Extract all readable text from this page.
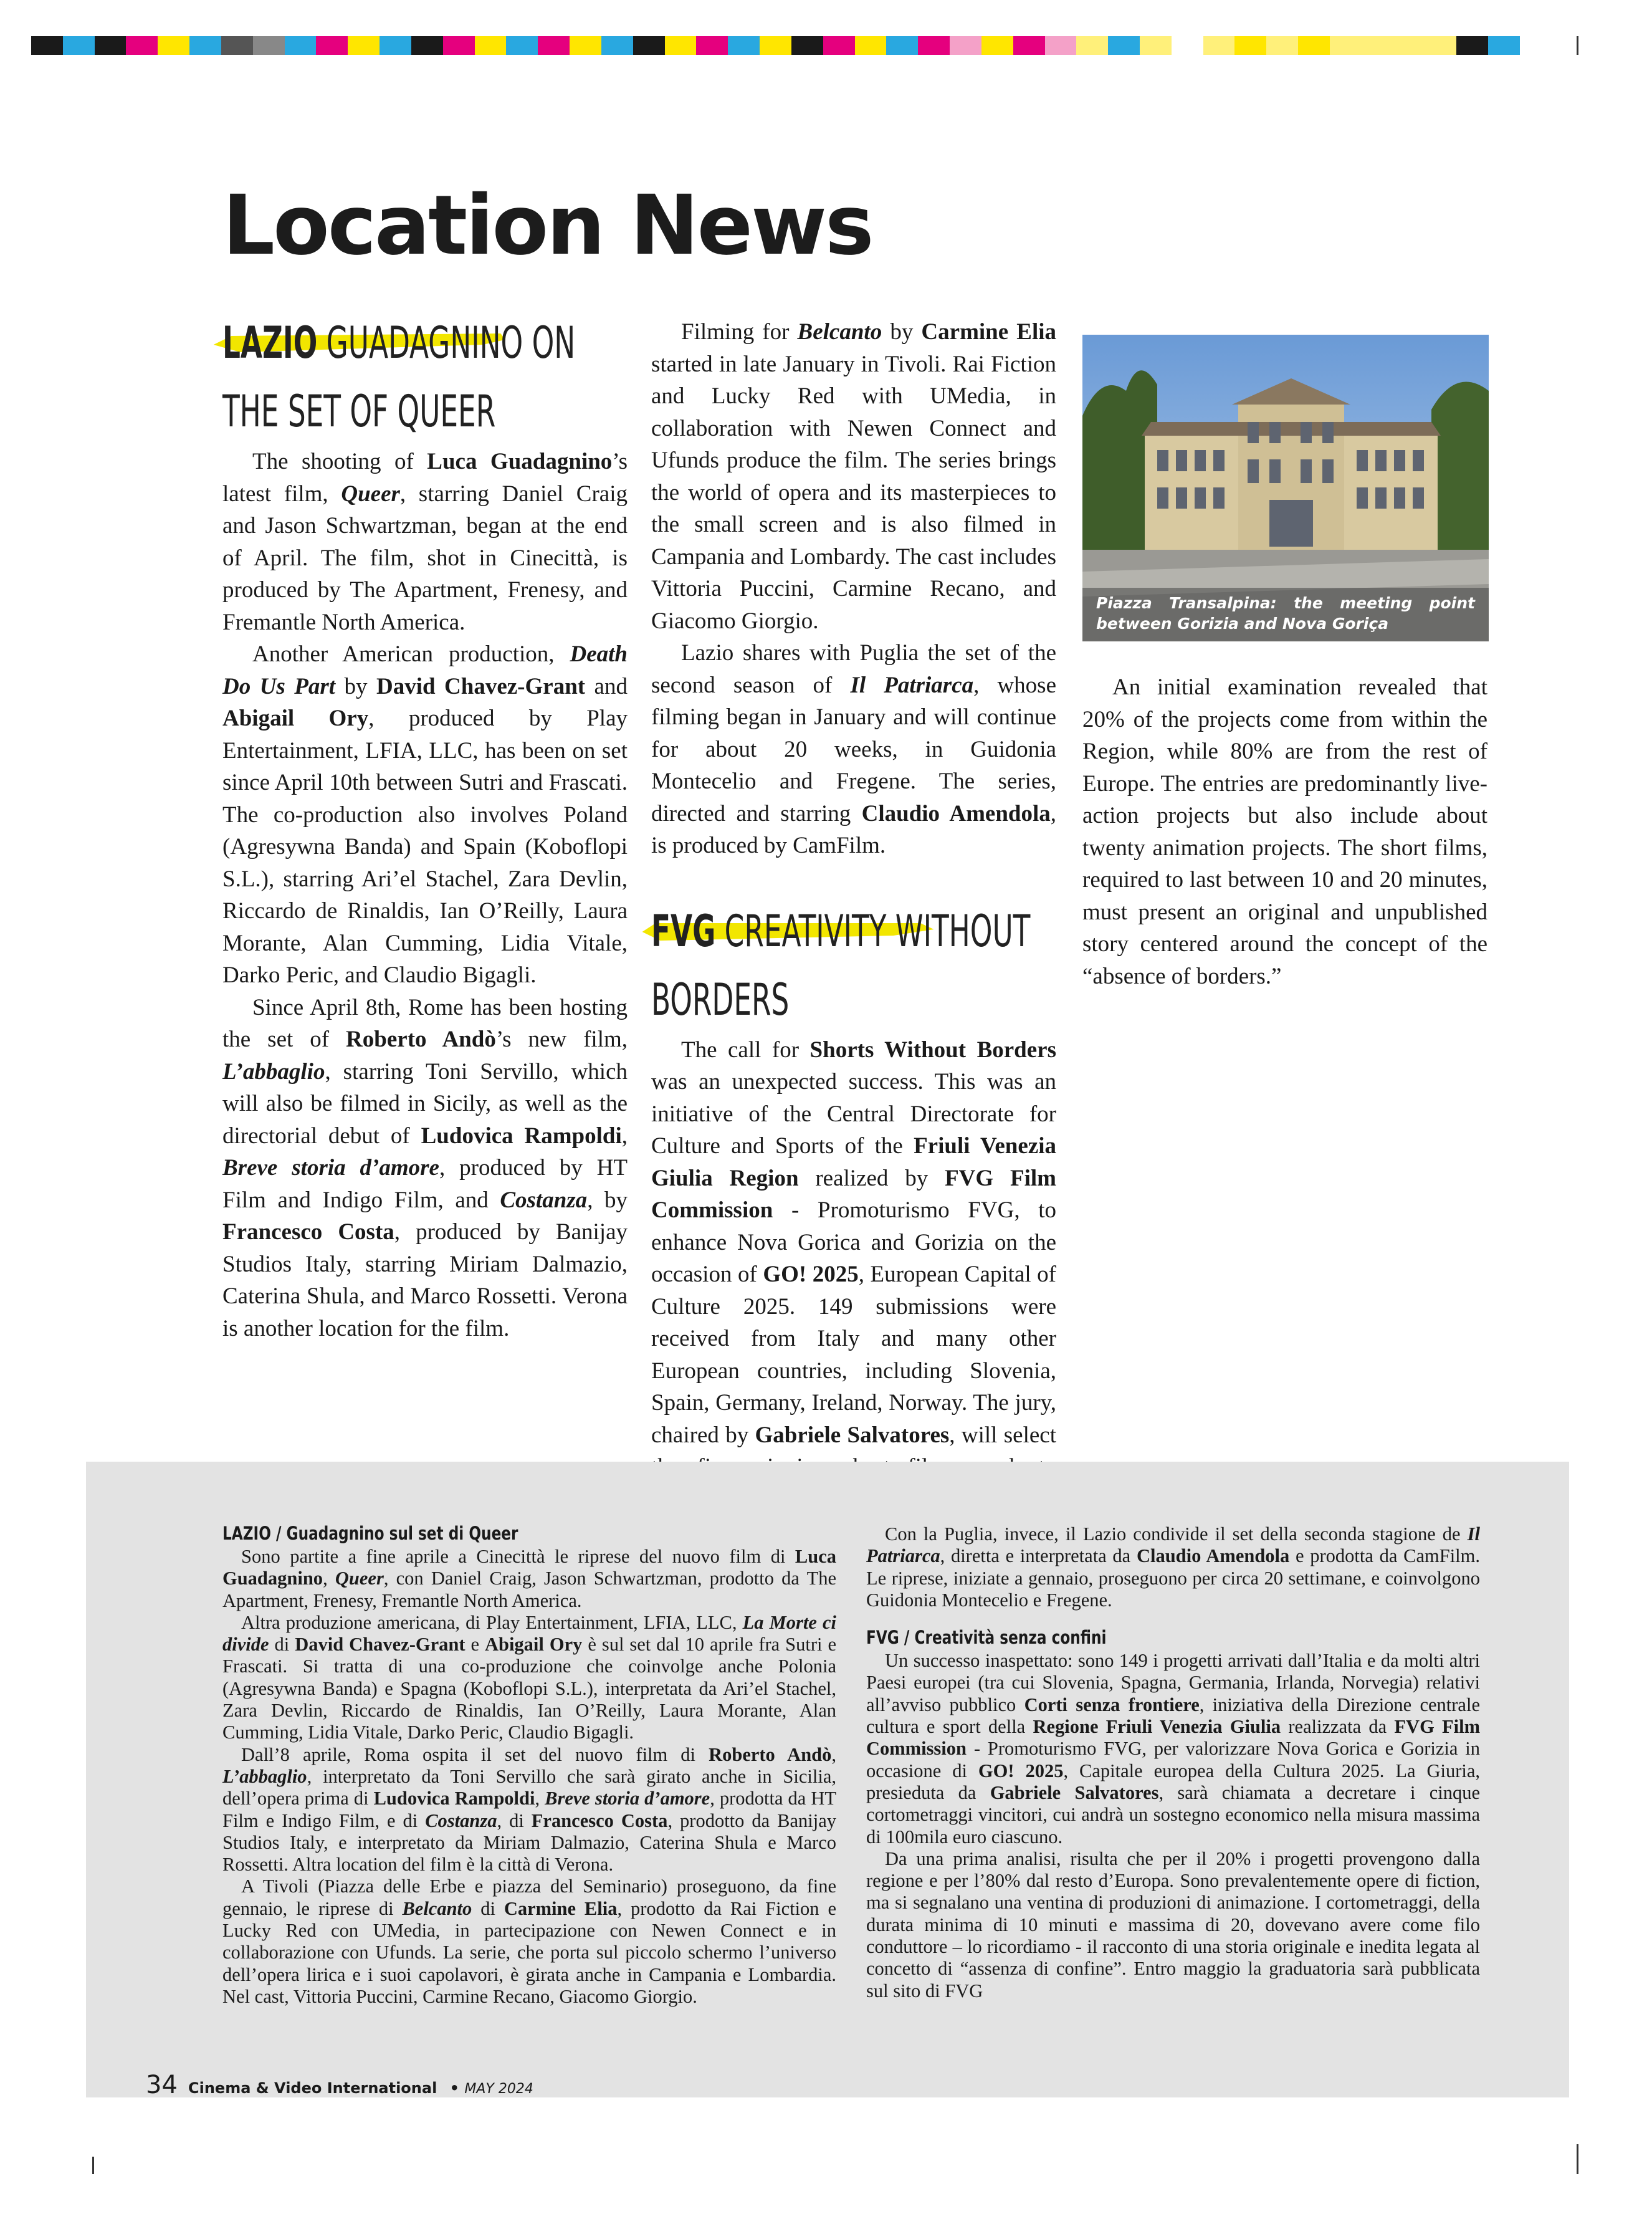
Location News
LAZIO GUADAGNINO ON THE SET OF QUEER

The shooting of Luca Guadagnino’s latest film, Queer, starring Daniel Craig and Jason Schwartzman, began at the end of April. The film, shot in Cinecittà, is produced by The Apartment, Frenesy, and Fremantle North America.

Another American production, Death Do Us Part by David Chavez-Grant and Abigail Ory, produced by Play Entertainment, LFIA, LLC, has been on set since April 10th between Sutri and Frascati. The co-production also involves Poland (Agresywna Banda) and Spain (Koboflopi S.L.), starring Ari’el Stachel, Zara Devlin, Riccardo de Rinaldis, Ian O’Reilly, Laura Morante, Alan Cumming, Lidia Vitale, Darko Peric, and Claudio Bigagli.

Since April 8th, Rome has been hosting the set of Roberto Andò’s new film, L’abbaglio, starring Toni Servillo, which will also be filmed in Sicily, as well as the directorial debut of Ludovica Rampoldi, Breve storia d’amore, produced by HT Film and Indigo Film, and Costanza, by Francesco Costa, produced by Banijay Studios Italy, starring Miriam Dalmazio, Caterina Shula, and Marco Rossetti. Verona is another location for the film.

Filming for Belcanto by Carmine Elia started in late January in Tivoli. Rai Fiction and Lucky Red with UMedia, in collaboration with Newen Connect and Ufunds produce the film. The series brings the world of opera and its masterpieces to the small screen and is also filmed in Campania and Lombardy. The cast includes Vittoria Puccini, Carmine Recano, and Giacomo Giorgio.

Lazio shares with Puglia the set of the second season of Il Patriarca, whose filming began in January and will continue for about 20 weeks, in Guidonia Montecelio and Fregene. The series, directed and starring Claudio Amendola, is produced by CamFilm.

FVG CREATIVITY WITHOUT BORDERS

The call for Shorts Without Borders was an unexpected success. This was an initiative of the Central Directorate for Culture and Sports of the Friuli Venezia Giulia Region realized by FVG Film Commission - Promoturismo FVG, to enhance Nova Gorica and Gorizia on the occasion of GO! 2025, European Capital of Culture 2025. 149 submissions were received from Italy and many other European countries, including Slovenia, Spain, Germany, Ireland, Norway. The jury, chaired by Gabriele Salvatores, will select

Piazza Transalpina: the meeting point between Gorizia and Nova Goriça

An initial examination revealed that 20% of the projects come from within the Region, while 80% are from the rest of Europe. The entries are predominantly live-action projects but also include about twenty animation projects. The short films, required to last between 10 and 20 minutes, must present an original and unpublished story centered around the concept of the “absence of borders.”

LAZIO / Guadagnino sul set di Queer

Sono partite a fine aprile a Cinecittà le riprese del nuovo film di Luca Guadagnino, Queer, con Daniel Craig, Jason Schwartzman, prodotto da The Apartment, Frenesy, Fremantle North America.

Altra produzione americana, di Play Entertainment, LFIA, LLC, La Morte ci divide di David Chavez-Grant e Abigail Ory è sul set dal 10 aprile fra Sutri e Frascati. Si tratta di una co-produzione che coinvolge anche Polonia (Agresywna Banda) e Spagna (Koboflopi S.L.), interpretata da Ari’el Stachel, Zara Devlin, Riccardo de Rinaldis, Ian O’Reilly, Laura Morante, Alan Cumming, Lidia Vitale, Darko Peric, Claudio Bigagli.

Dall’8 aprile, Roma ospita il set del nuovo film di Roberto Andò, L’abbaglio, interpretato da Toni Servillo che sarà girato anche in Sicilia, dell’opera prima di Ludovica Rampoldi, Breve storia d’amore, prodotta da HT Film e Indigo Film, e di Costanza, di Francesco Costa, prodotto da Banijay Studios Italy, e interpretato da Miriam Dalmazio, Caterina Shula e Marco Rossetti. Altra location del film è la città di Verona.

A Tivoli (Piazza delle Erbe e piazza del Seminario) proseguono, da fine gennaio, le riprese di Belcanto di Carmine Elia, prodotto da Rai Fiction e Lucky Red con UMedia, in partecipazione con Newen Connect e in collaborazione con Ufunds. La serie, che porta sul piccolo schermo l’universo dell’opera lirica e i suoi capolavori, è girata anche in Campania e Lombardia. Nel cast, Vittoria Puccini, Carmine Recano, Giacomo Giorgio.

Con la Puglia, invece, il Lazio condivide il set della seconda stagione de Il Patriarca, diretta e interpretata da Claudio Amendola e prodotta da CamFilm. Le riprese, iniziate a gennaio, proseguono per circa 20 settimane, e coinvolgono Guidonia Montecelio e Fregene.

FVG / Creatività senza confini

Un successo inaspettato: sono 149 i progetti arrivati dall’Italia e da molti altri Paesi europei (tra cui Slovenia, Spagna, Germania, Irlanda, Norvegia) relativi all’avviso pubblico Corti senza frontiere, iniziativa della Direzione centrale cultura e sport della Regione Friuli Venezia Giulia realizzata da FVG Film Commission - Promoturismo FVG, per valorizzare Nova Gorica e Gorizia in occasione di GO! 2025, Capitale europea della Cultura 2025. La Giuria, presieduta da Gabriele Salvatores, sarà chiamata a decretare i cinque cortometraggi vincitori, cui andrà un sostegno economico nella misura massima di 100mila euro ciascuno.

Da una prima analisi, risulta che per il 20% i progetti provengono dalla regione e per l’80% dal resto d’Europa. Sono prevalentemente opere di fiction, ma si segnalano una ventina di produzioni di animazione. I cortometraggi, della durata minima di 10 minuti e massima di 20, dovevano avere come filo conduttore – lo ricordiamo - il racconto di una storia originale e inedita legata al concetto di “assenza di confine”. Entro maggio la graduatoria sarà pubblicata sul sito di FVG

34 Cinema & Video International • MAY 2024
